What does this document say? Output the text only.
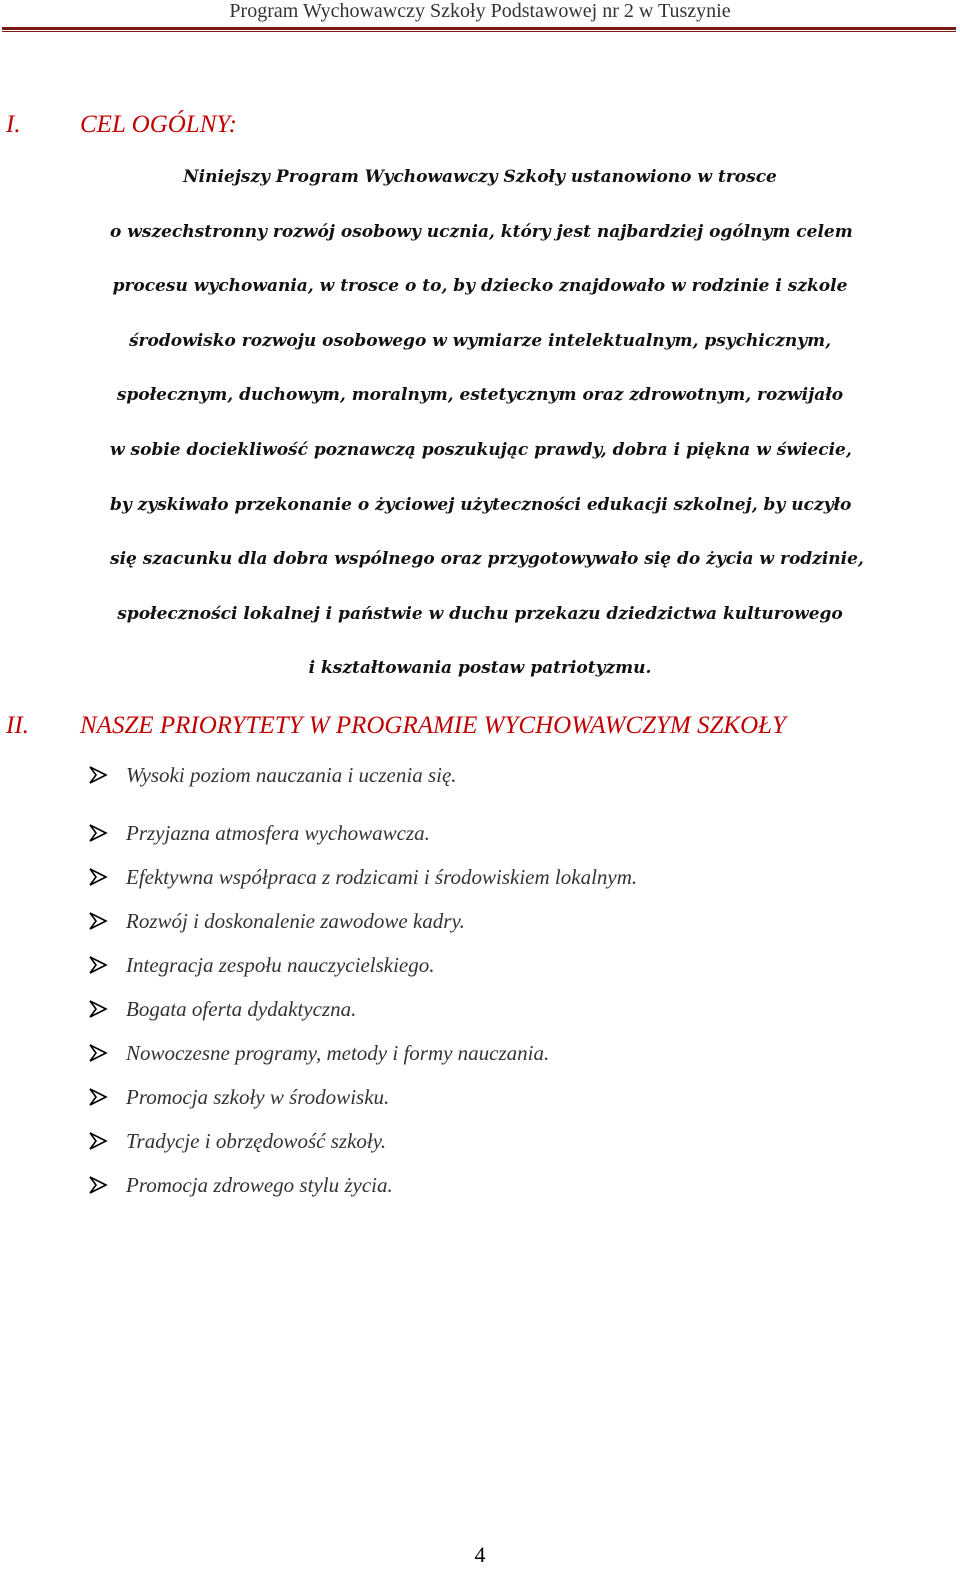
Program Wychowawczy Szkoły Podstawowej nr 2 w Tuszynie
I. CEL OGÓLNY:

Niniejszy Program Wychowawczy Szkoły ustanowiono w trosce
o wszechstronny rozwój osobowy ucznia, który jest najbardziej ogólnym celem
procesu wychowania, w trosce o to, by dziecko znajdowało w rodzinie i szkole
środowisko rozwoju osobowego w wymiarze intelektualnym, psychicznym,
społecznym, duchowym, moralnym, estetycznym oraz zdrowotnym, rozwijało
w sobie dociekliwość poznawczą poszukując prawdy, dobra i piękna w świecie,
by zyskiwało przekonanie o życiowej użyteczności edukacji szkolnej, by uczyło
się szacunku dla dobra wspólnego oraz przygotowywało się do życia w rodzinie,
społeczności lokalnej i państwie w duchu przekazu dziedzictwa kulturowego
i kształtowania postaw patriotyzmu.

II. NASZE PRIORYTETY W PROGRAMIE WYCHOWAWCZYM SZKOŁY
Wysoki poziom nauczania i uczenia się.
Przyjazna atmosfera wychowawcza.
Efektywna współpraca z rodzicami i środowiskiem lokalnym.
Rozwój i doskonalenie zawodowe kadry.
Integracja zespołu nauczycielskiego.
Bogata oferta dydaktyczna.
Nowoczesne programy, metody i formy nauczania.
Promocja szkoły w środowisku.
Tradycje i obrzędowość szkoły.
Promocja zdrowego stylu życia.
4
